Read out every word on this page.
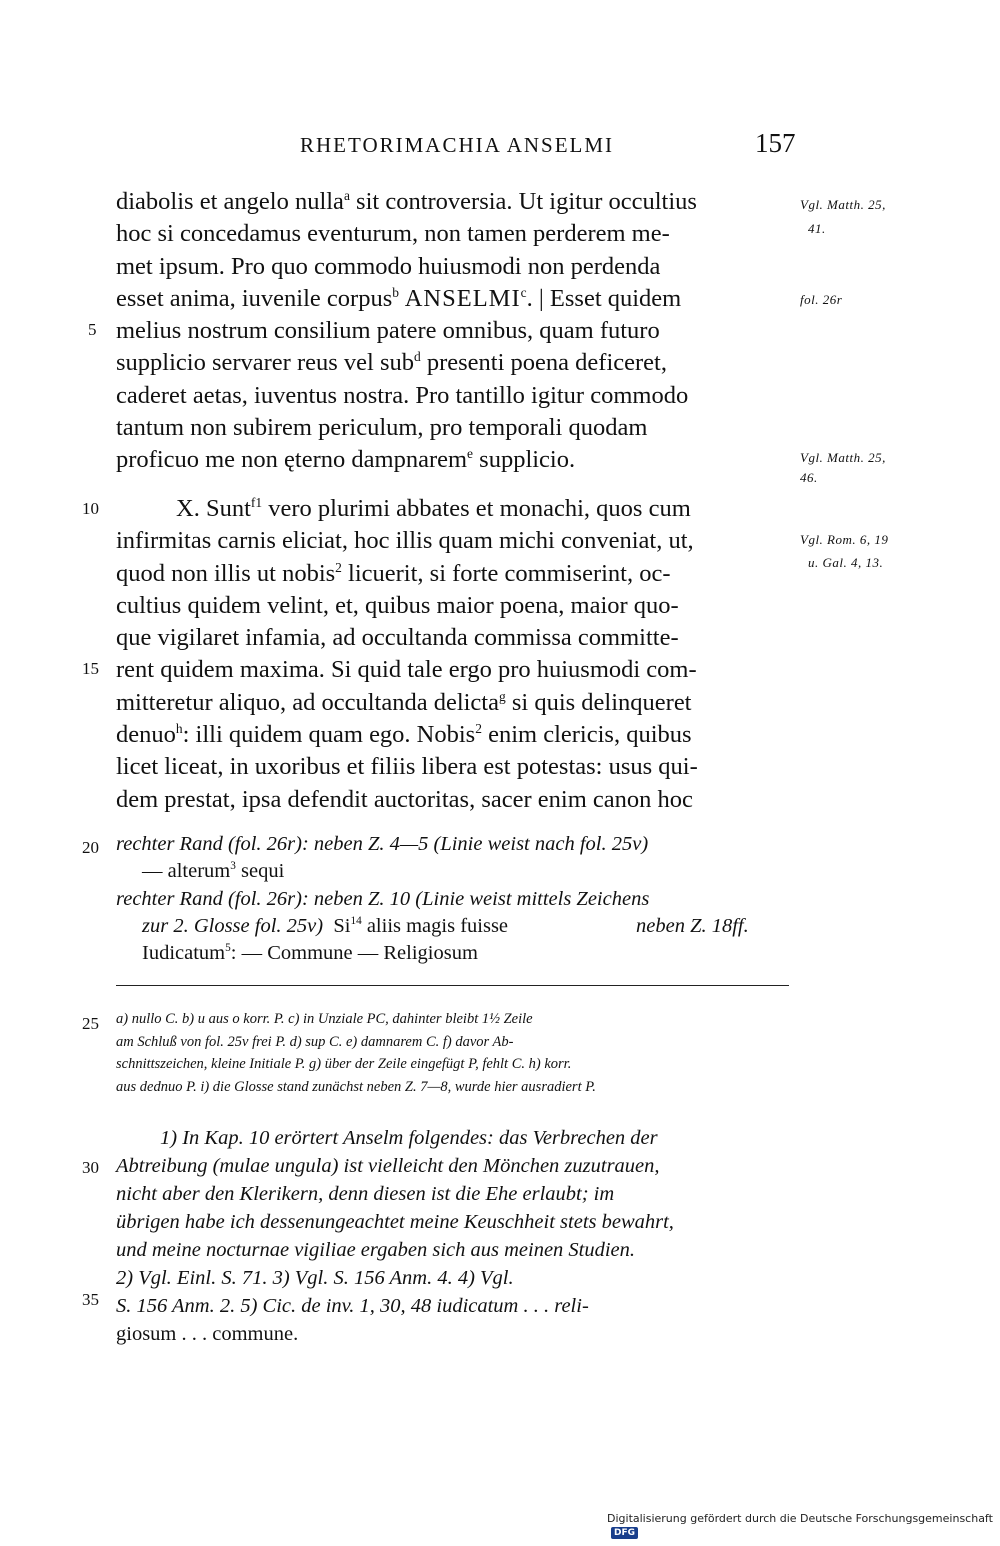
RHETORIMACHIA ANSELMI	157
diabolis et angelo nulla$^a$ sit controversia. Ut igitur occultius
hoc si concedamus eventurum, non tamen perderem me-
met ipsum. Pro quo commodo huiusmodi non perdenda
esset anima, iuvenile corpus$^b$ ANSELMI$^c$. | Esset quidem
melius nostrum consilium patere omnibus, quam futuro
supplicio servarer reus vel sub$^d$ presenti poena deficeret,
caderet aetas, iuventus nostra. Pro tantillo igitur commodo
tantum non subirem periculum, pro temporali quodam
proficuo me non ęterno dampnarem$^e$ supplicio.
X. Sunt$^{f1}$ vero plurimi abbates et monachi, quos cum
infirmitas carnis eliciat, hoc illis quam michi conveniat, ut,
quod non illis ut nobis$^2$ licuerit, si forte commiserint, oc-
cultius quidem velint, et, quibus maior poena, maior quo-
que vigilaret infamia, ad occultanda commissa committe-
rent quidem maxima. Si quid tale ergo pro huiusmodi com-
mitteretur aliquo, ad occultanda delicta$^g$ si quis delinqueret
denuo$^h$: illi quidem quam ego. Nobis$^2$ enim clericis, quibus
licet liceat, in uxoribus et filiis libera est potestas: usus qui-
dem prestat, ipsa defendit auctoritas, sacer enim canon hoc
5
10
15
20
25
30
35
Vgl. Matth. 25,
41.
fol. 26r
Vgl. Matth. 25,
46.
Vgl. Rom. 6, 19
u. Gal. 4, 13.
rechter Rand (fol. 26r): neben Z. 4—5 (Linie weist nach fol. 25v)
— alterum$^3$ sequi
rechter Rand (fol. 26r): neben Z. 10 (Linie weist mittels Zeichens
zur 2. Glosse fol. 25v) Si$^{14}$ aliis magis fuisse	neben Z. 18ff.
Iudicatum$^5$: — Commune — Religiosum
a) nullo C. b) u aus o korr. P. c) in Unziale PC, dahinter bleibt 1½ Zeile
am Schluß von fol. 25v frei P. d) sup C. e) damnarem C. f) davor Ab-
schnittszeichen, kleine Initiale P. g) über der Zeile eingefügt P, fehlt C. h) korr.
aus dednuo P. i) die Glosse stand zunächst neben Z. 7—8, wurde hier ausradiert P.
1) In Kap. 10 erörtert Anselm folgendes: das Verbrechen der
Abtreibung (mulae ungula) ist vielleicht den Mönchen zuzutrauen,
nicht aber den Klerikern, denn diesen ist die Ehe erlaubt; im
übrigen habe ich dessenungeachtet meine Keuschheit stets bewahrt,
und meine nocturnae vigiliae ergaben sich aus meinen Studien.
2) Vgl. Einl. S. 71. 3) Vgl. S. 156 Anm. 4. 4) Vgl.
S. 156 Anm. 2. 5) Cic. de inv. 1, 30, 48 iudicatum . . . reli-
giosum . . . commune.
Digitalisierung gefördert durch die Deutsche ForschungsgemeinschaftDFG
